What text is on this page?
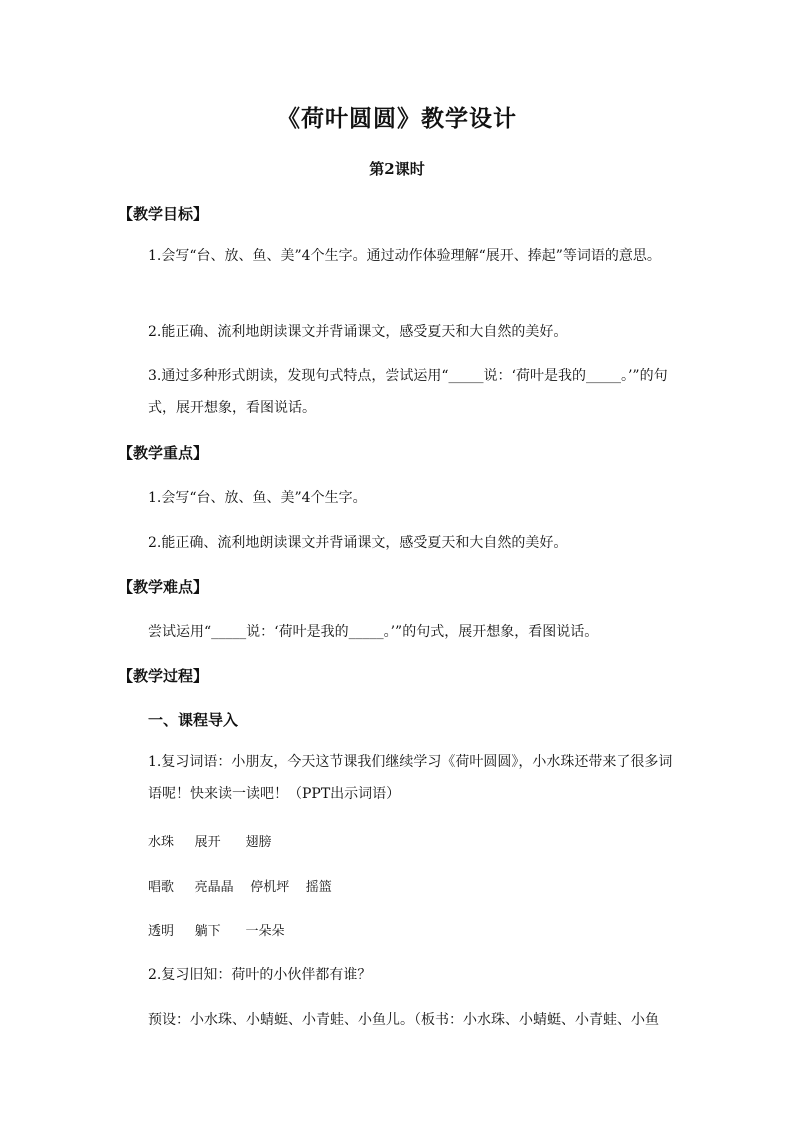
《荷叶圆圆》教学设计
第2课时
【教学目标】
1.会写“台、放、鱼、美”4个生字。通过动作体验理解“展开、捧起”等词语的意思。
2.能正确、流利地朗读课文并背诵课文，感受夏天和大自然的美好。
3.通过多种形式朗读，发现句式特点，尝试运用“_____说：‘荷叶是我的_____。’”的句式，展开想象，看图说话。
【教学重点】
1.会写“台、放、鱼、美”4个生字。
2.能正确、流利地朗读课文并背诵课文，感受夏天和大自然的美好。
【教学难点】
尝试运用“_____说：‘荷叶是我的_____。’”的句式，展开想象，看图说话。
【教学过程】
一、课程导入
1.复习词语：小朋友，今天这节课我们继续学习《荷叶圆圆》，小水珠还带来了很多词语呢！快来读一读吧！（PPT出示词语）
水珠     展开      翅膀
唱歌     亮晶晶    停机坪    摇篮
透明     躺下      一朵朵
2.复习旧知：荷叶的小伙伴都有谁？
预设：小水珠、小蜻蜓、小青蛙、小鱼儿。（板书：小水珠、小蜻蜓、小青蛙、小鱼
